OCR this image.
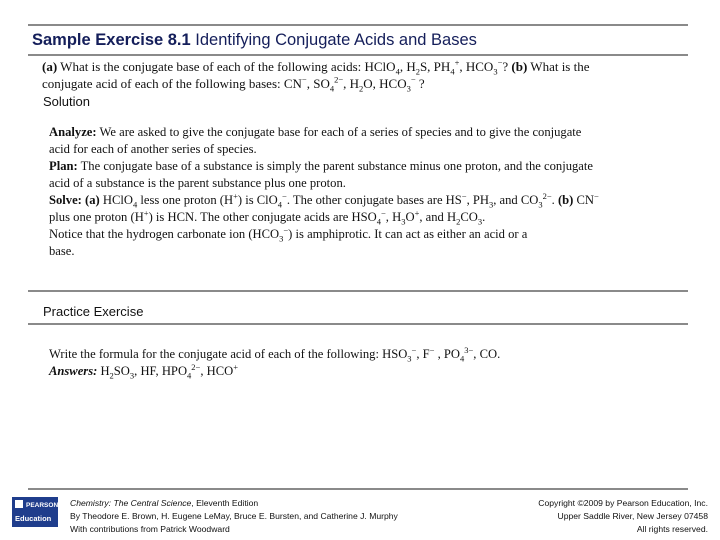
Sample Exercise 8.1 Identifying Conjugate Acids and Bases
(a) What is the conjugate base of each of the following acids: HClO$_4$, $H_2S$, $PH_4^+$, $HCO_3^-$? (b) What is the
conjugate acid of each of the following bases: CN−, $SO_4^{2-}$, $H_2O$, $HCO_3^-$ ?
Solution
Analyze: We are asked to give the conjugate base for each of a series of species and to give the conjugate
acid for each of another series of species.
Plan: The conjugate base of a substance is simply the parent substance minus one proton, and the conjugate
acid of a substance is the parent substance plus one proton.
Solve: (a) HClO$_4$ less one proton (H+) is ClO$_4$−. The other conjugate bases are HS−, $PH_3$, and $CO_3^{2-}$. (b) CN−
plus one proton (H+) is HCN. The other conjugate acids are $HSO_4^-$, $H_3O^+$, and $H_2CO_3$.
Notice that the hydrogen carbonate ion $(HCO_3^-)$ is amphiprotic. It can act as either an acid or a
base.
Practice Exercise
Write the formula for the conjugate acid of each of the following: $HSO_3^-$, F− , $PO_4^{3-}$, CO.
Answers: $H_2SO_3$, HF, $HPO_4^{2-}$, HCO+
PEARSON
Education
Chemistry: The Central Science, Eleventh Edition
By Theodore E. Brown, H. Eugene LeMay, Bruce E. Bursten, and Catherine J. Murphy
With contributions from Patrick Woodward
Copyright ©2009 by Pearson Education, Inc.
Upper Saddle River, New Jersey 07458
All rights reserved.
